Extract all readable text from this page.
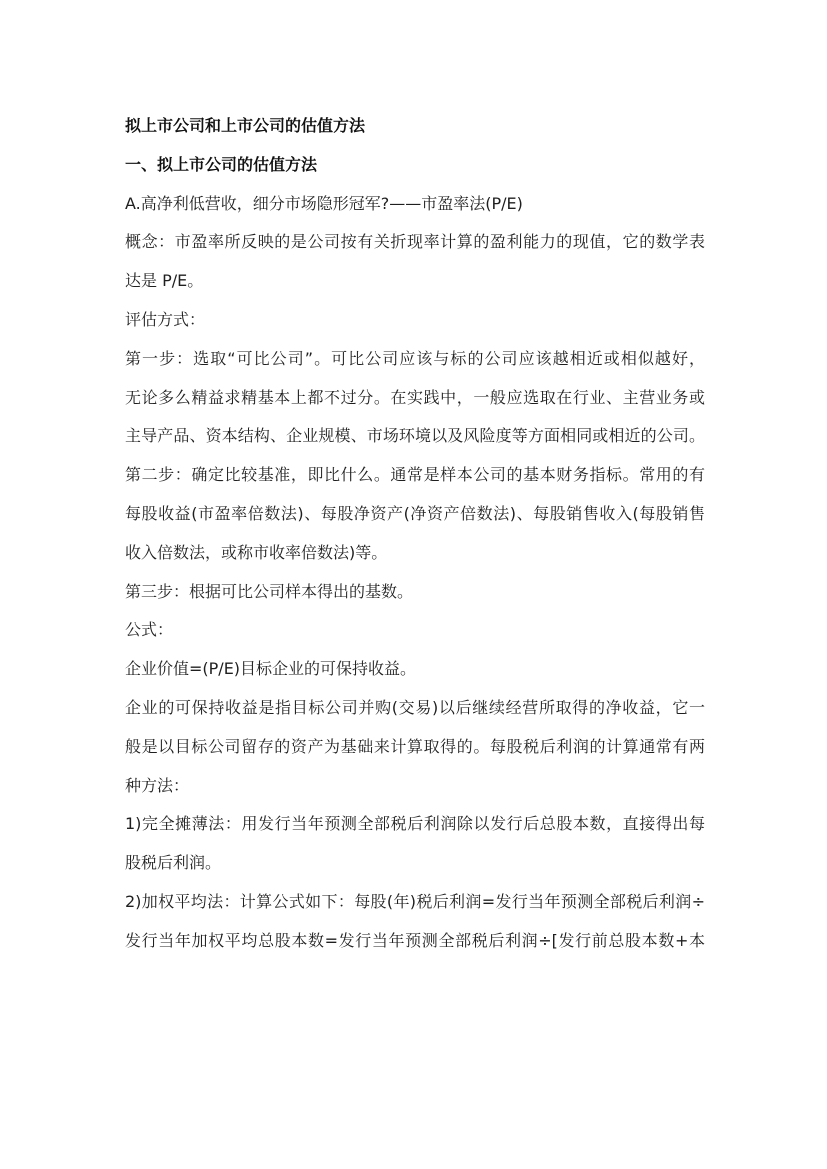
拟上市公司和上市公司的估值方法
一、拟上市公司的估值方法
A.高净利低营收，细分市场隐形冠军?——市盈率法(P/E)
概念：市盈率所反映的是公司按有关折现率计算的盈利能力的现值，它的数学表
达是 P/E。
评估方式：
第一步：选取“可比公司”。可比公司应该与标的公司应该越相近或相似越好，
无论多么精益求精基本上都不过分。在实践中，一般应选取在行业、主营业务或
主导产品、资本结构、企业规模、市场环境以及风险度等方面相同或相近的公司。
第二步：确定比较基准，即比什么。通常是样本公司的基本财务指标。常用的有
每股收益(市盈率倍数法)、每股净资产(净资产倍数法)、每股销售收入(每股销售
收入倍数法，或称市收率倍数法)等。
第三步：根据可比公司样本得出的基数。
公式：
企业价值=(P/E)目标企业的可保持收益。
企业的可保持收益是指目标公司并购(交易)以后继续经营所取得的净收益，它一
般是以目标公司留存的资产为基础来计算取得的。每股税后利润的计算通常有两
种方法：
1)完全摊薄法：用发行当年预测全部税后利润除以发行后总股本数，直接得出每
股税后利润。
2)加权平均法：计算公式如下：每股(年)税后利润=发行当年预测全部税后利润÷
发行当年加权平均总股本数=发行当年预测全部税后利润÷[发行前总股本数+本
